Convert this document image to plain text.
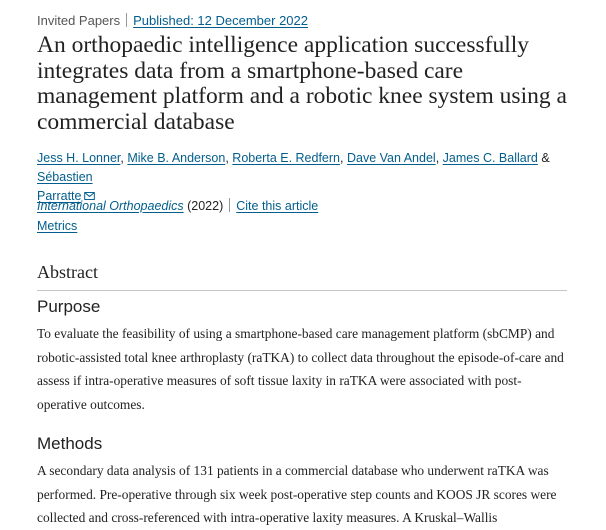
Invited Papers Published: 12 December 2022
An orthopaedic intelligence application successfully integrates data from a smartphone-based care management platform and a robotic knee system using a commercial database
Jess H. Lonner, Mike B. Anderson, Roberta E. Redfern, Dave Van Andel, James C. Ballard & Sébastien
Parratte
International Orthopaedics (2022) Cite this article
Metrics
Abstract
Purpose

To evaluate the feasibility of using a smartphone-based care management platform (sbCMP) and robotic-assisted total knee arthroplasty (raTKA) to collect data throughout the episode-of-care and assess if intra-operative measures of soft tissue laxity in raTKA were associated with post-operative outcomes.

Methods

A secondary data analysis of 131 patients in a commercial database who underwent raTKA was performed. Pre-operative through six week post-operative step counts and KOOS JR scores were collected and cross-referenced with intra-operative laxity measures. A Kruskal–Wallis
